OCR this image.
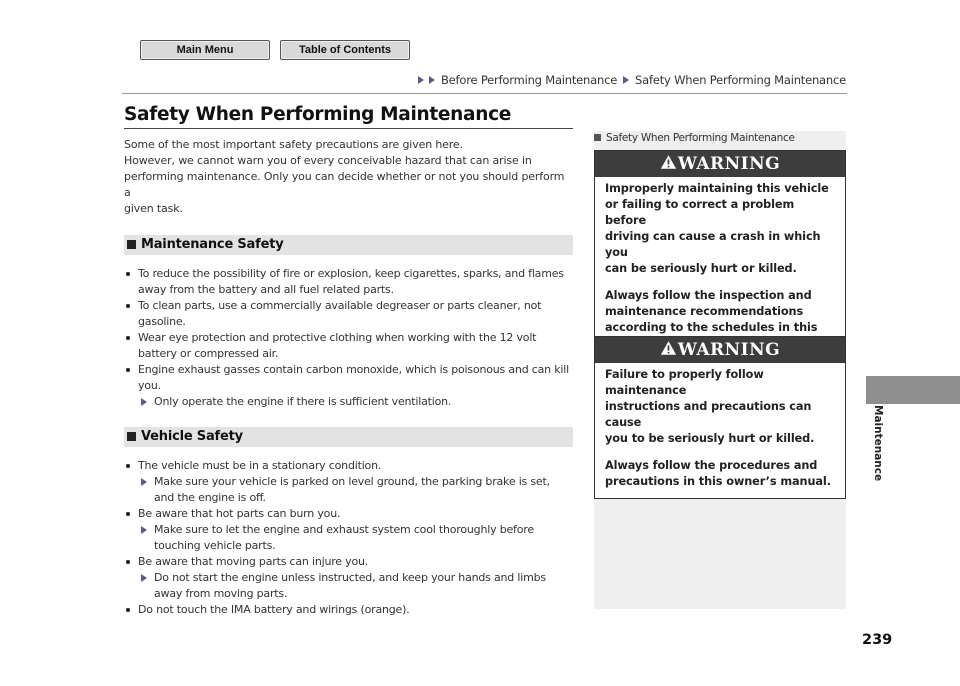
Main Menu	Table of Contents
Before Performing Maintenance Safety When Performing Maintenance
Safety When Performing Maintenance
Some of the most important safety precautions are given here.
However, we cannot warn you of every conceivable hazard that can arise in
performing maintenance. Only you can decide whether or not you should perform a
given task.
Maintenance Safety
To reduce the possibility of fire or explosion, keep cigarettes, sparks, and flames
away from the battery and all fuel related parts.
To clean parts, use a commercially available degreaser or parts cleaner, not
gasoline.
Wear eye protection and protective clothing when working with the 12 volt
battery or compressed air.
Engine exhaust gasses contain carbon monoxide, which is poisonous and can kill
you.
Only operate the engine if there is sufficient ventilation.
Vehicle Safety
The vehicle must be in a stationary condition.
Make sure your vehicle is parked on level ground, the parking brake is set,
and the engine is off.
Be aware that hot parts can burn you.
Make sure to let the engine and exhaust system cool thoroughly before
touching vehicle parts.
Be aware that moving parts can injure you.
Do not start the engine unless instructed, and keep your hands and limbs
away from moving parts.
Do not touch the IMA battery and wirings (orange).
Safety When Performing Maintenance
WARNING

Improperly maintaining this vehicle
or failing to correct a problem before
driving can cause a crash in which you
can be seriously hurt or killed.

Always follow the inspection and
maintenance recommendations
according to the schedules in this

WARNING

Failure to properly follow maintenance
instructions and precautions can cause
you to be seriously hurt or killed.

Always follow the procedures and
precautions in this owner’s manual.

Maintenance
239
